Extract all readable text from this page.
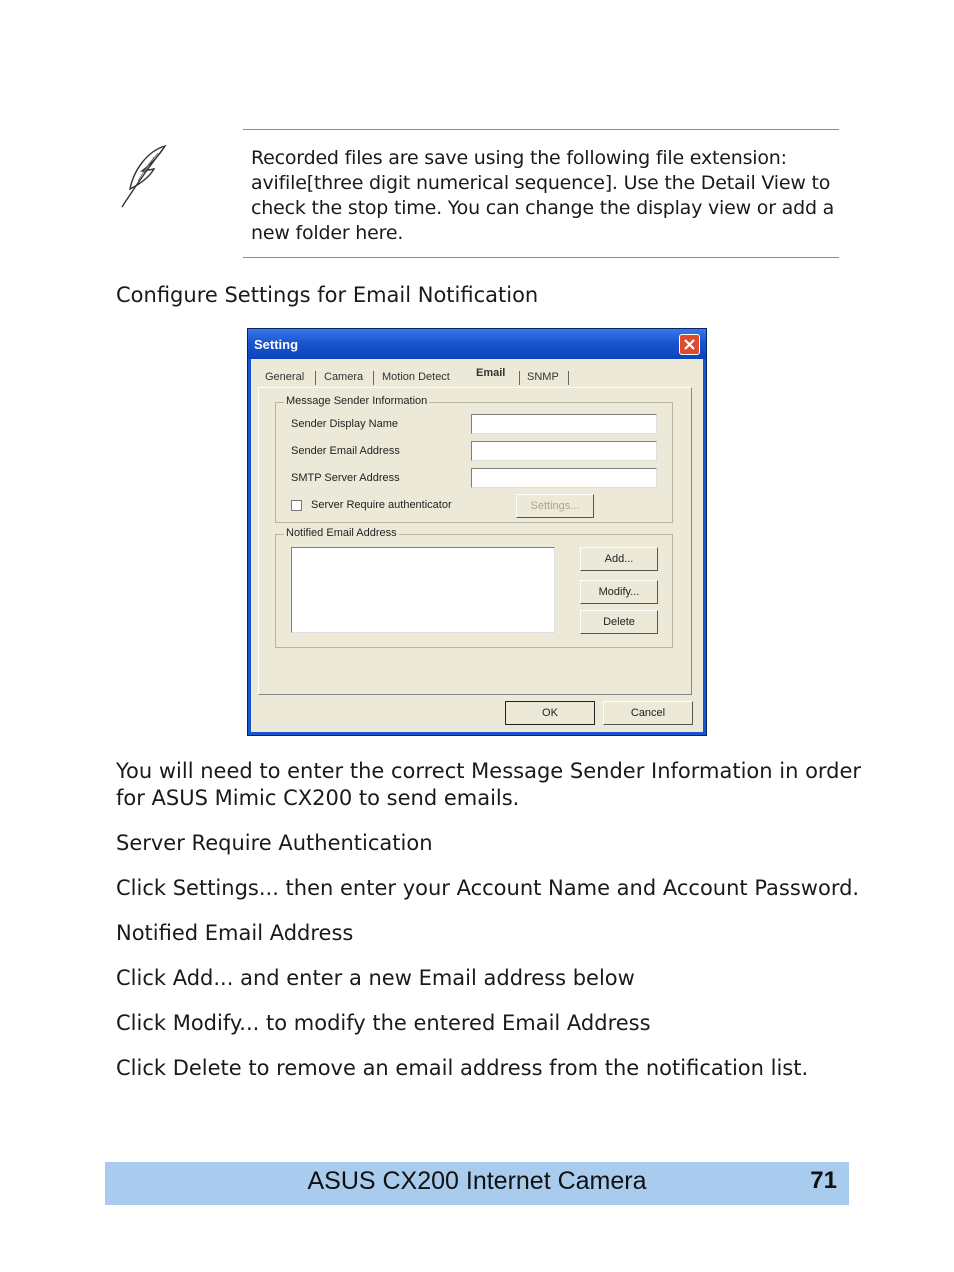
Recorded files are save using the following file extension:
avifile[three digit numerical sequence]. Use the Detail View to
check the stop time. You can change the display view or add a
new folder here.
Configure Settings for Email Notification
Setting
General Camera Motion Detect Email SNMP
Message Sender Information
Sender Display Name
Sender Email Address
SMTP Server Address
Server Require authenticator	Settings...
Notified Email Address
Add...
Modify...
Delete
OK	Cancel
You will need to enter the correct Message Sender Information in order
for ASUS Mimic CX200 to send emails.
Server Require Authentication
Click Settings... then enter your Account Name and Account Password.
Notified Email Address
Click Add... and enter a new Email address below
Click Modify... to modify the entered Email Address
Click Delete to remove an email address from the notification list.
ASUS CX200 Internet Camera	71
